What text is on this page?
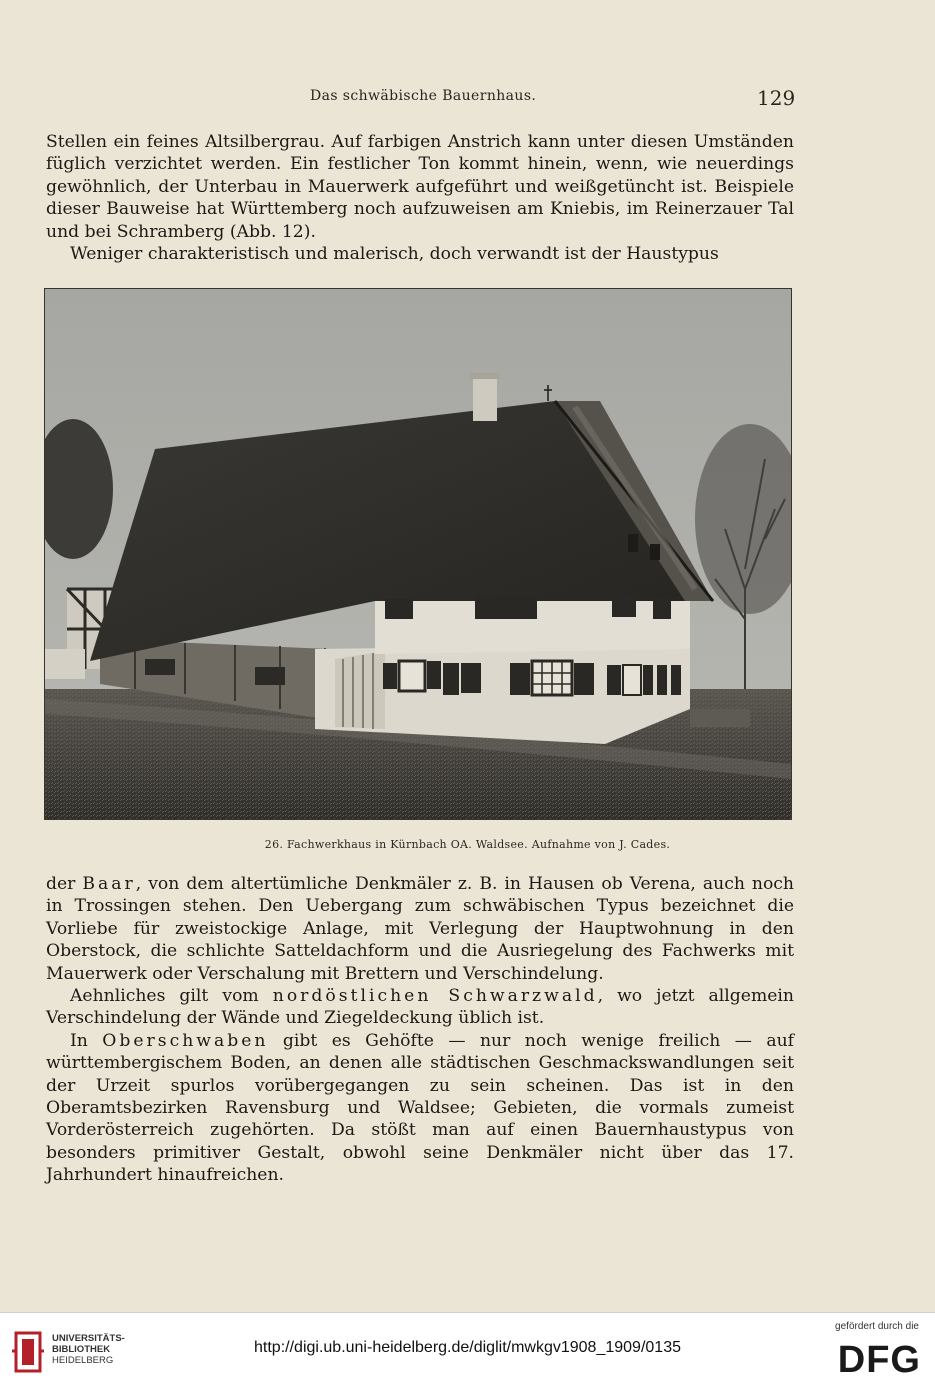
Das schwäbische Bauernhaus.	129

Stellen ein feines Altsilbergrau. Auf farbigen Anstrich kann unter diesen Umständen füglich verzichtet werden. Ein festlicher Ton kommt hinein, wenn, wie neuerdings gewöhnlich, der Unterbau in Mauerwerk aufgeführt und weißgetüncht ist. Beispiele dieser Bauweise hat Württemberg noch aufzuweisen am Kniebis, im Reinerzauer Tal und bei Schramberg (Abb. 12).

Weniger charakteristisch und malerisch, doch verwandt ist der Haustypus

26. Fachwerkhaus in Kürnbach OA. Waldsee. Aufnahme von J. Cades.

der Baar, von dem altertümliche Denkmäler z. B. in Hausen ob Verena, auch noch in Trossingen stehen. Den Uebergang zum schwäbischen Typus bezeichnet die Vorliebe für zweistockige Anlage, mit Verlegung der Hauptwohnung in den Oberstock, die schlichte Satteldachform und die Ausriegelung des Fachwerks mit Mauerwerk oder Verschalung mit Brettern und Verschindelung.

Aehnliches gilt vom nordöstlichen Schwarzwald, wo jetzt allgemein Verschindelung der Wände und Ziegeldeckung üblich ist.

In Oberschwaben gibt es Gehöfte — nur noch wenige freilich — auf württembergischem Boden, an denen alle städtischen Geschmackswandlungen seit der Urzeit spurlos vorübergegangen zu sein scheinen. Das ist in den Oberamtsbezirken Ravensburg und Waldsee; Gebieten, die vormals zumeist Vorderösterreich zugehörten. Da stößt man auf einen Bauernhaustypus von besonders primitiver Gestalt, obwohl seine Denkmäler nicht über das 17. Jahrhundert hinaufreichen.

UNIVERSITÄTS-
BIBLIOTHEK
HEIDELBERG
http://digi.ub.uni-heidelberg.de/diglit/mwkgv1908_1909/0135
gefördert durch die
DFG
